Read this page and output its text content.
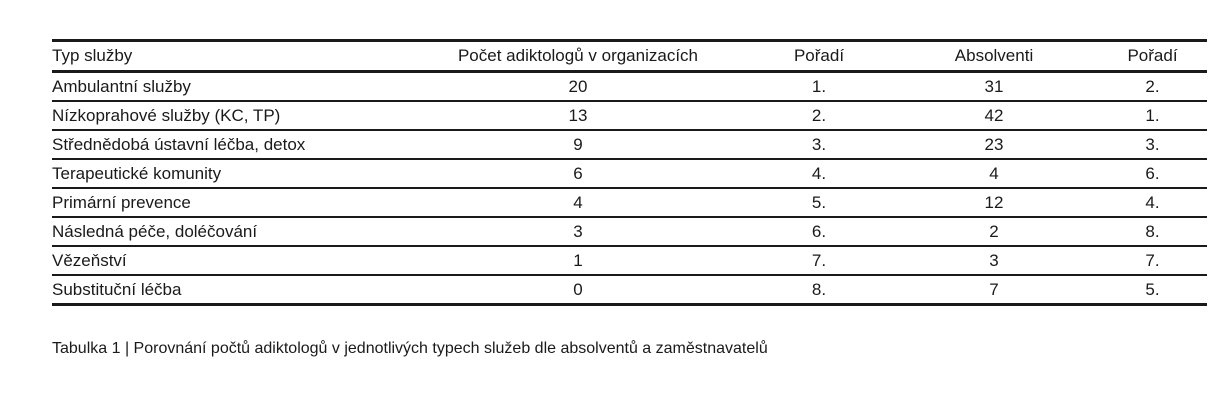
Typ služby	Počet adiktologů v organizacích	Pořadí	Absolventi	Pořadí
Ambulantní služby	20	1.	31	2.
Nízkoprahové služby (KC, TP)	13	2.	42	1.
Střednědobá ústavní léčba, detox	9	3.	23	3.
Terapeutické komunity	6	4.	4	6.
Primární prevence	4	5.	12	4.
Následná péče, doléčování	3	6.	2	8.
Vězeňství	1	7.	3	7.
Substituční léčba	0	8.	7	5.
Tabulka 1 | Porovnání počtů adiktologů v jednotlivých typech služeb dle absolventů a zaměstnavatelů
